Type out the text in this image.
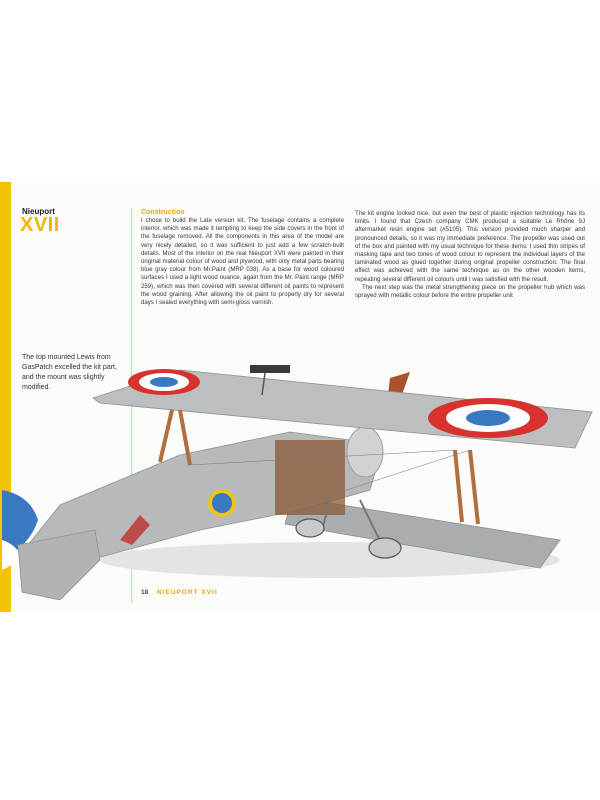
Nieuport
XVII

Construction

I chose to build the Late version kit. The fuselage contains a complete interior, which was made it tempting to keep the side covers in the front of the fuselage removed. All the components in this area of the model are very nicely detailed, so it was sufficient to just add a few scratch-built details. Most of the interior on the real Nieuport XVII were painted in their original material colour of wood and plywood, with only metal parts bearing blue gray colour from Mr.Paint (MRP 038). As a base for wood coloured surfaces I used a light wood nuance, again from the Mr. Paint range (MRP 259), which was then covered with several different oil paints to represent the wood graining. After allowing the oil paint to properly dry for several days I sealed everything with semi-gloss varnish.

The kit engine looked nice, but even the best of plastic injection technology has its limits. I found that Czech company CMK produced a suitable Le Rhône 9J aftermarket resin engine set (#5105). This version provided much sharper and pronounced details, so it was my immediate preference. The propeller was used out of the box and painted with my usual technique for these items: I used thin stripes of masking tape and two tones of wood colour to represent the individual layers of the laminated wood as glued together during original propeller construction. The final effect was achieved with the same technique as on the other wooden items, repeating several different oil colours until I was satisfied with the result.

The next step was the metal strengthening piece on the propeller hub which was sprayed with metallic colour before the entire propeller unit

The top mounted Lewis from GasPatch excelled the kit part, and the mount was slightly modified.
18 NIEUPORT XVII
